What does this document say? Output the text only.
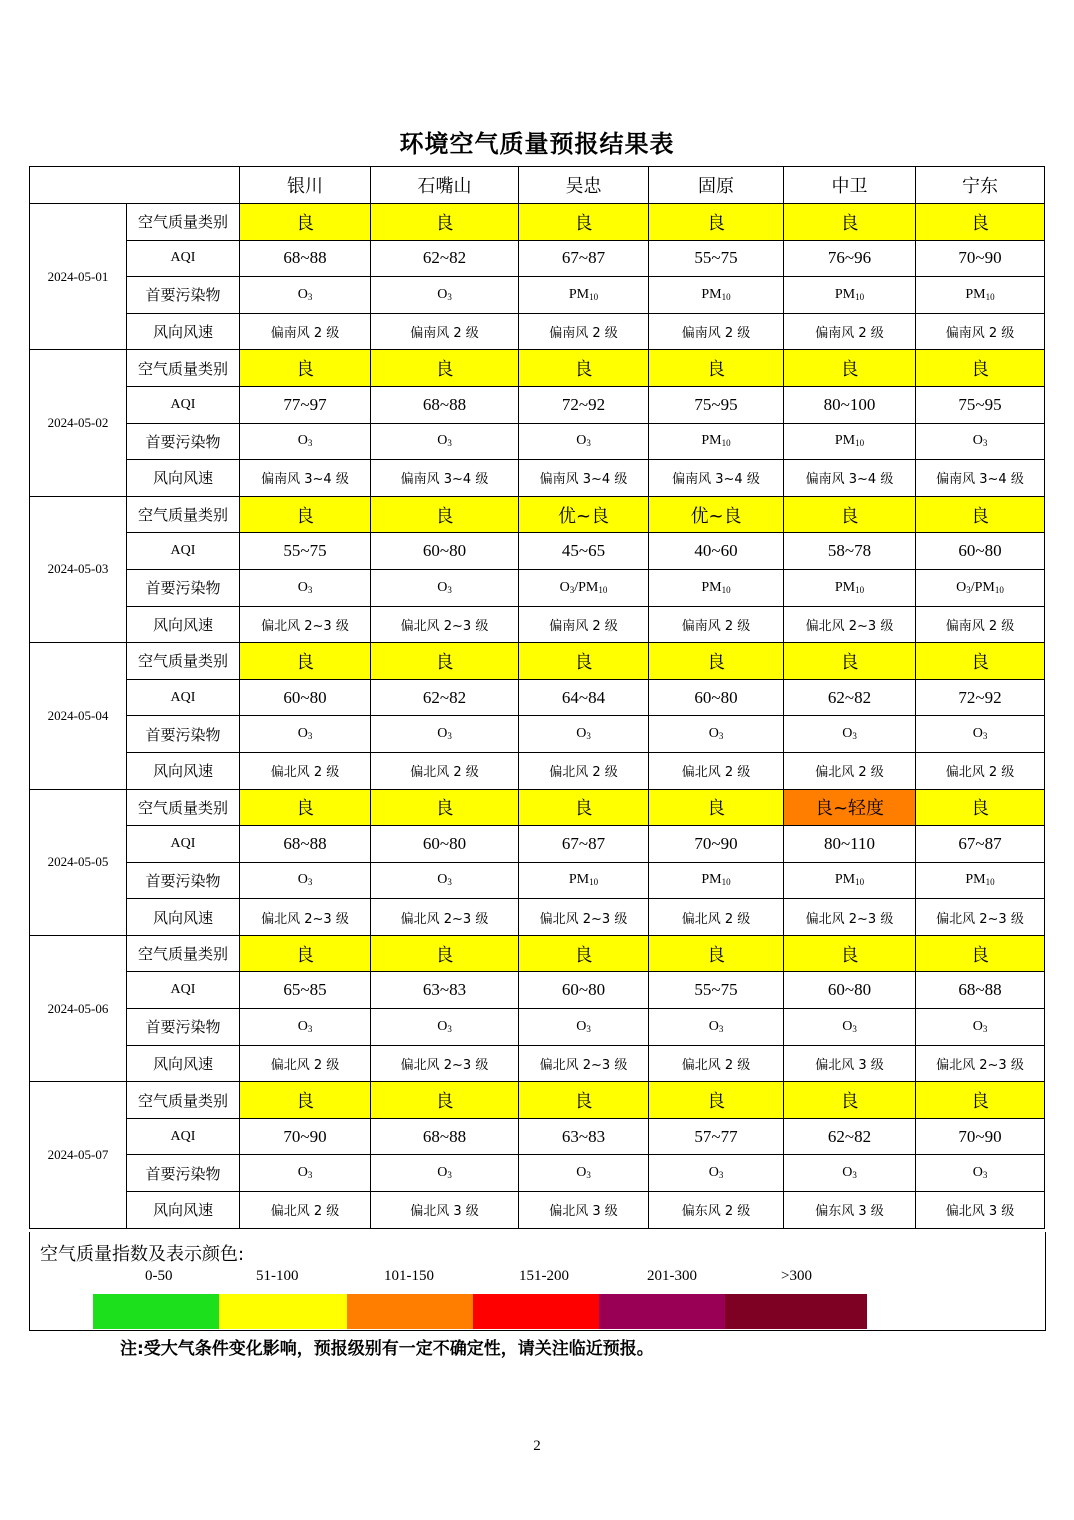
环境空气质量预报结果表
		银川	石嘴山	吴忠	固原	中卫	宁东
2024-05-01	空气质量类别	良	良	良	良	良	良
	AQI	68~88	62~82	67~87	55~75	76~96	70~90
	首要污染物	$O_3$	$O_3$	$PM_{10}$	$PM_{10}$	$PM_{10}$	$PM_{10}$
	风向风速	偏南风 2 级	偏南风 2 级	偏南风 2 级	偏南风 2 级	偏南风 2 级	偏南风 2 级
2024-05-02	空气质量类别	良	良	良	良	良	良
	AQI	77~97	68~88	72~92	75~95	80~100	75~95
	首要污染物	$O_3$	$O_3$	$O_3$	$PM_{10}$	$PM_{10}$	$O_3$
	风向风速	偏南风 3~4 级	偏南风 3~4 级	偏南风 3~4 级	偏南风 3~4 级	偏南风 3~4 级	偏南风 3~4 级
2024-05-03	空气质量类别	良	良	优~良	优~良	良	良
	AQI	55~75	60~80	45~65	40~60	58~78	60~80
	首要污染物	$O_3$	$O_3$	$O_3/PM_{10}$	$PM_{10}$	$PM_{10}$	$O_3/PM_{10}$
	风向风速	偏北风 2~3 级	偏北风 2~3 级	偏南风 2 级	偏南风 2 级	偏北风 2~3 级	偏南风 2 级
2024-05-04	空气质量类别	良	良	良	良	良	良
	AQI	60~80	62~82	64~84	60~80	62~82	72~92
	首要污染物	$O_3$	$O_3$	$O_3$	$O_3$	$O_3$	$O_3$
	风向风速	偏北风 2 级	偏北风 2 级	偏北风 2 级	偏北风 2 级	偏北风 2 级	偏北风 2 级
2024-05-05	空气质量类别	良	良	良	良	良~轻度	良
	AQI	68~88	60~80	67~87	70~90	80~110	67~87
	首要污染物	$O_3$	$O_3$	$PM_{10}$	$PM_{10}$	$PM_{10}$	$PM_{10}$
	风向风速	偏北风 2~3 级	偏北风 2~3 级	偏北风 2~3 级	偏北风 2 级	偏北风 2~3 级	偏北风 2~3 级
2024-05-06	空气质量类别	良	良	良	良	良	良
	AQI	65~85	63~83	60~80	55~75	60~80	68~88
	首要污染物	$O_3$	$O_3$	$O_3$	$O_3$	$O_3$	$O_3$
	风向风速	偏北风 2 级	偏北风 2~3 级	偏北风 2~3 级	偏北风 2 级	偏北风 3 级	偏北风 2~3 级
2024-05-07	空气质量类别	良	良	良	良	良	良
	AQI	70~90	68~88	63~83	57~77	62~82	70~90
	首要污染物	$O_3$	$O_3$	$O_3$	$O_3$	$O_3$	$O_3$
	风向风速	偏北风 2 级	偏北风 3 级	偏北风 3 级	偏东风 2 级	偏东风 3 级	偏北风 3 级
空气质量指数及表示颜色:
0-50	51-100	101-150	151-200	201-300	>300
注:受大气条件变化影响，预报级别有一定不确定性，请关注临近预报。
2
